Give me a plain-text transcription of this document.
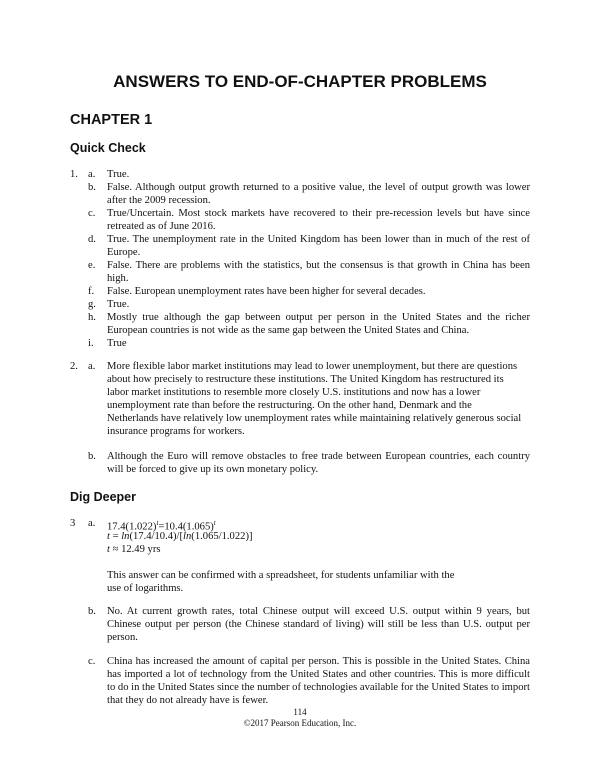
ANSWERS TO END-OF-CHAPTER PROBLEMS
CHAPTER 1
Quick Check
1. a. True.
b. False. Although output growth returned to a positive value, the level of output growth was lower after the 2009 recession.
c. True/Uncertain. Most stock markets have recovered to their pre-recession levels but have since retreated as of June 2016.
d. True. The unemployment rate in the United Kingdom has been lower than in much of the rest of Europe.
e. False. There are problems with the statistics, but the consensus is that growth in China has been high.
f. False. European unemployment rates have been higher for several decades.
g. True.
h. Mostly true although the gap between output per person in the United States and the richer European countries is not wide as the same gap between the United States and China.
i. True
2. a. More flexible labor market institutions may lead to lower unemployment, but there are questions
about how precisely to restructure these institutions. The United Kingdom has restructured its
labor market institutions to resemble more closely U.S. institutions and now has a lower
unemployment rate than before the restructuring. On the other hand, Denmark and the
Netherlands have relatively low unemployment rates while maintaining relatively generous social
insurance programs for workers.
b. Although the Euro will remove obstacles to free trade between European countries, each country will be forced to give up its own monetary policy.
Dig Deeper
3 a. $17.4(1.022)^t=10.4(1.065)^t$
t = ln(17.4/10.4)/[ln(1.065/1.022)]
t ≈ 12.49 yrs
This answer can be confirmed with a spreadsheet, for students unfamiliar with the use of logarithms.
b. No. At current growth rates, total Chinese output will exceed U.S. output within 9 years, but Chinese output per person (the Chinese standard of living) will still be less than U.S. output per person.
c. China has increased the amount of capital per person. This is possible in the United States. China has imported a lot of technology from the United States and other countries. This is more difficult to do in the United States since the number of technologies available for the United States to import that they do not already have is fewer.
114
©2017 Pearson Education, Inc.
